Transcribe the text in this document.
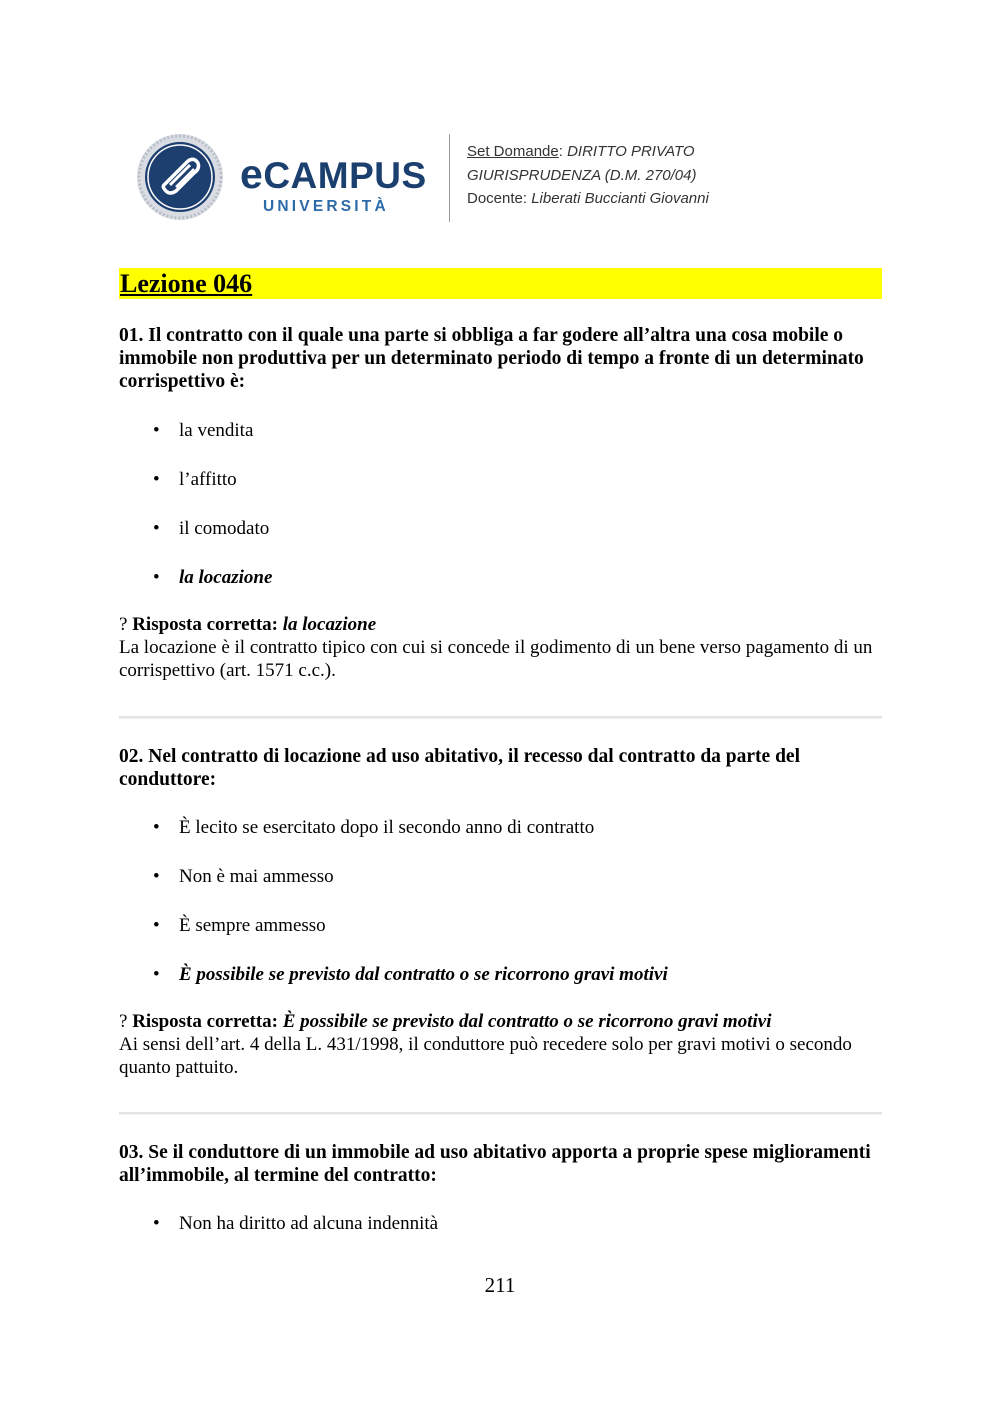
eCAMPUS
UNIVERSITÀ
Set Domande: DIRITTO PRIVATO
GIURISPRUDENZA (D.M. 270/04)
Docente: Liberati Buccianti Giovanni
Lezione 046
01. Il contratto con il quale una parte si obbliga a far godere all’altra una cosa mobile o immobile non produttiva per un determinato periodo di tempo a fronte di un determinato corrispettivo è:
• la vendita
• l’affitto
• il comodato
• la locazione
? Risposta corretta: la locazione
La locazione è il contratto tipico con cui si concede il godimento di un bene verso pagamento di un corrispettivo (art. 1571 c.c.).
02. Nel contratto di locazione ad uso abitativo, il recesso dal contratto da parte del conduttore:
• È lecito se esercitato dopo il secondo anno di contratto
• Non è mai ammesso
• È sempre ammesso
• È possibile se previsto dal contratto o se ricorrono gravi motivi
? Risposta corretta: È possibile se previsto dal contratto o se ricorrono gravi motivi
Ai sensi dell’art. 4 della L. 431/1998, il conduttore può recedere solo per gravi motivi o secondo quanto pattuito.
03. Se il conduttore di un immobile ad uso abitativo apporta a proprie spese miglioramenti all’immobile, al termine del contratto:
• Non ha diritto ad alcuna indennità
211
